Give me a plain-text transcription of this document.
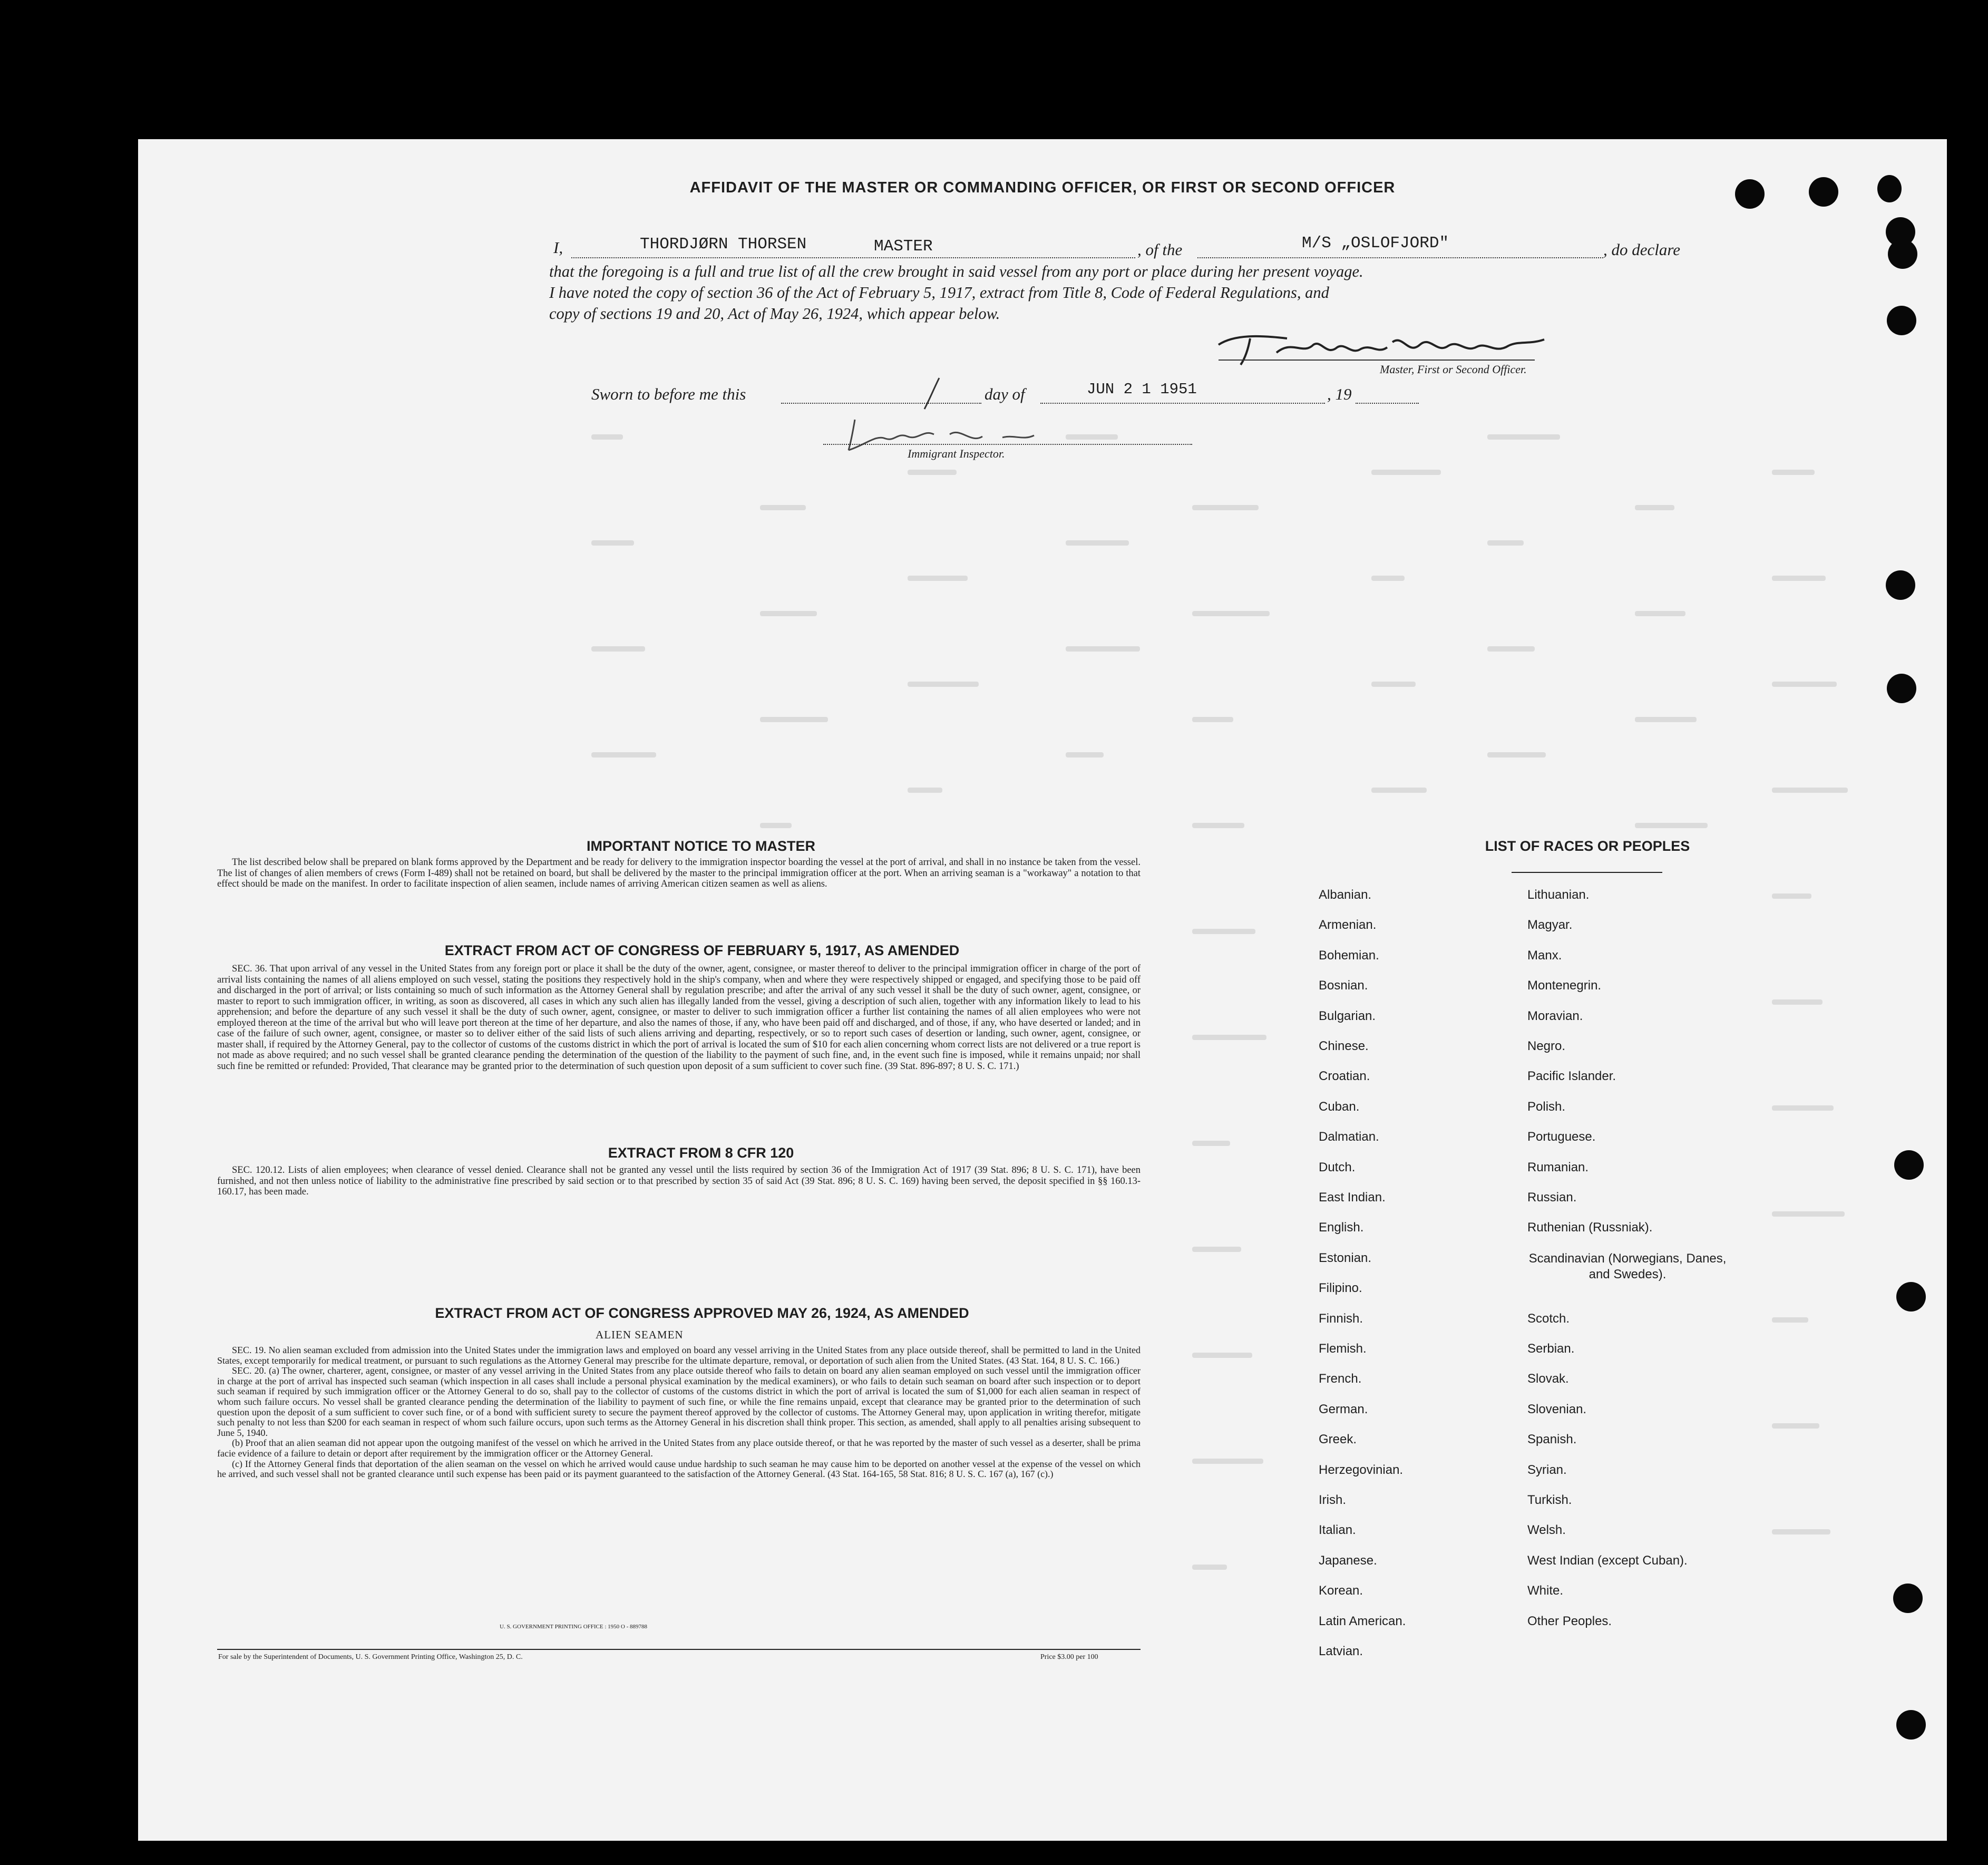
AFFIDAVIT OF THE MASTER OR COMMANDING OFFICER, OR FIRST OR SECOND OFFICER
I,	THORDJØRN THORSEN	MASTER	, of the	M/S „OSLOFJORD"	, do declare
that the foregoing is a full and true list of all the crew brought in said vessel from any port or place during her present voyage.
I have noted the copy of section 36 of the Act of February 5, 1917, extract from Title 8, Code of Federal Regulations, and
copy of sections 19 and 20, Act of May 26, 1924, which appear below.
Master, First or Second Officer.
Sworn to before me this	day of	JUN 2 1 1951	, 19
Immigrant Inspector.
IMPORTANT NOTICE TO MASTER

The list described below shall be prepared on blank forms approved by the Department and be ready for delivery to the immigration inspector boarding the vessel at the port of arrival, and shall in no instance be taken from the vessel. The list of changes of alien members of crews (Form I-489) shall not be retained on board, but shall be delivered by the master to the principal immigration officer at the port. When an arriving seaman is a "workaway" a notation to that effect should be made on the manifest. In order to facilitate inspection of alien seamen, include names of arriving American citizen seamen as well as aliens.

EXTRACT FROM ACT OF CONGRESS OF FEBRUARY 5, 1917, AS AMENDED

SEC. 36. That upon arrival of any vessel in the United States from any foreign port or place it shall be the duty of the owner, agent, consignee, or master thereof to deliver to the principal immigration officer in charge of the port of arrival lists containing the names of all aliens employed on such vessel, stating the positions they respectively hold in the ship's company, when and where they were respectively shipped or engaged, and specifying those to be paid off and discharged in the port of arrival; or lists containing so much of such information as the Attorney General shall by regulation prescribe; and after the arrival of any such vessel it shall be the duty of such owner, agent, consignee, or master to report to such immigration officer, in writing, as soon as discovered, all cases in which any such alien has illegally landed from the vessel, giving a description of such alien, together with any information likely to lead to his apprehension; and before the departure of any such vessel it shall be the duty of such owner, agent, consignee, or master to deliver to such immigration officer a further list containing the names of all alien employees who were not employed thereon at the time of the arrival but who will leave port thereon at the time of her departure, and also the names of those, if any, who have been paid off and discharged, and of those, if any, who have deserted or landed; and in case of the failure of such owner, agent, consignee, or master so to deliver either of the said lists of such aliens arriving and departing, respectively, or so to report such cases of desertion or landing, such owner, agent, consignee, or master shall, if required by the Attorney General, pay to the collector of customs of the customs district in which the port of arrival is located the sum of $10 for each alien concerning whom correct lists are not delivered or a true report is not made as above required; and no such vessel shall be granted clearance pending the determination of the question of the liability to the payment of such fine, and, in the event such fine is imposed, while it remains unpaid; nor shall such fine be remitted or refunded: Provided, That clearance may be granted prior to the determination of such question upon deposit of a sum sufficient to cover such fine. (39 Stat. 896-897; 8 U. S. C. 171.)

EXTRACT FROM 8 CFR 120

SEC. 120.12. Lists of alien employees; when clearance of vessel denied. Clearance shall not be granted any vessel until the lists required by section 36 of the Immigration Act of 1917 (39 Stat. 896; 8 U. S. C. 171), have been furnished, and not then unless notice of liability to the administrative fine prescribed by said section or to that prescribed by section 35 of said Act (39 Stat. 896; 8 U. S. C. 169) having been served, the deposit specified in §§ 160.13-160.17, has been made.

EXTRACT FROM ACT OF CONGRESS APPROVED MAY 26, 1924, AS AMENDED
ALIEN SEAMEN

SEC. 19. No alien seaman excluded from admission into the United States under the immigration laws and employed on board any vessel arriving in the United States from any place outside thereof, shall be permitted to land in the United States, except temporarily for medical treatment, or pursuant to such regulations as the Attorney General may prescribe for the ultimate departure, removal, or deportation of such alien from the United States. (43 Stat. 164, 8 U. S. C. 166.)

SEC. 20. (a) The owner, charterer, agent, consignee, or master of any vessel arriving in the United States from any place outside thereof who fails to detain on board any alien seaman employed on such vessel until the immigration officer in charge at the port of arrival has inspected such seaman (which inspection in all cases shall include a personal physical examination by the medical examiners), or who fails to detain such seaman on board after such inspection or to deport such seaman if required by such immigration officer or the Attorney General to do so, shall pay to the collector of customs of the customs district in which the port of arrival is located the sum of $1,000 for each alien seaman in respect of whom such failure occurs. No vessel shall be granted clearance pending the determination of the liability to payment of such fine, or while the fine remains unpaid, except that clearance may be granted prior to the determination of such question upon the deposit of a sum sufficient to cover such fine, or of a bond with sufficient surety to secure the payment thereof approved by the collector of customs. The Attorney General may, upon application in writing therefor, mitigate such penalty to not less than $200 for each seaman in respect of whom such failure occurs, upon such terms as the Attorney General in his discretion shall think proper. This section, as amended, shall apply to all penalties arising subsequent to June 5, 1940.

(b) Proof that an alien seaman did not appear upon the outgoing manifest of the vessel on which he arrived in the United States from any place outside thereof, or that he was reported by the master of such vessel as a deserter, shall be prima facie evidence of a failure to detain or deport after requirement by the immigration officer or the Attorney General.

(c) If the Attorney General finds that deportation of the alien seaman on the vessel on which he arrived would cause undue hardship to such seaman he may cause him to be deported on another vessel at the expense of the vessel on which he arrived, and such vessel shall not be granted clearance until such expense has been paid or its payment guaranteed to the satisfaction of the Attorney General. (43 Stat. 164-165, 58 Stat. 816; 8 U. S. C. 167 (a), 167 (c).)

U. S. GOVERNMENT PRINTING OFFICE : 1950 O - 889788
For sale by the Superintendent of Documents, U. S. Government Printing Office, Washington 25, D. C.	Price $3.00 per 100
LIST OF RACES OR PEOPLES
Albanian.
Armenian.
Bohemian.
Bosnian.
Bulgarian.
Chinese.
Croatian.
Cuban.
Dalmatian.
Dutch.
East Indian.
English.
Estonian.
Filipino.
Finnish.
Flemish.
French.
German.
Greek.
Herzegovinian.
Irish.
Italian.
Japanese.
Korean.
Latin American.
Latvian.
Lithuanian.
Magyar.
Manx.
Montenegrin.
Moravian.
Negro.
Pacific Islander.
Polish.
Portuguese.
Rumanian.
Russian.
Ruthenian (Russniak).
Scandinavian (Norwegians, Danes, and Swedes).
Scotch.
Serbian.
Slovak.
Slovenian.
Spanish.
Syrian.
Turkish.
Welsh.
West Indian (except Cuban).
White.
Other Peoples.
